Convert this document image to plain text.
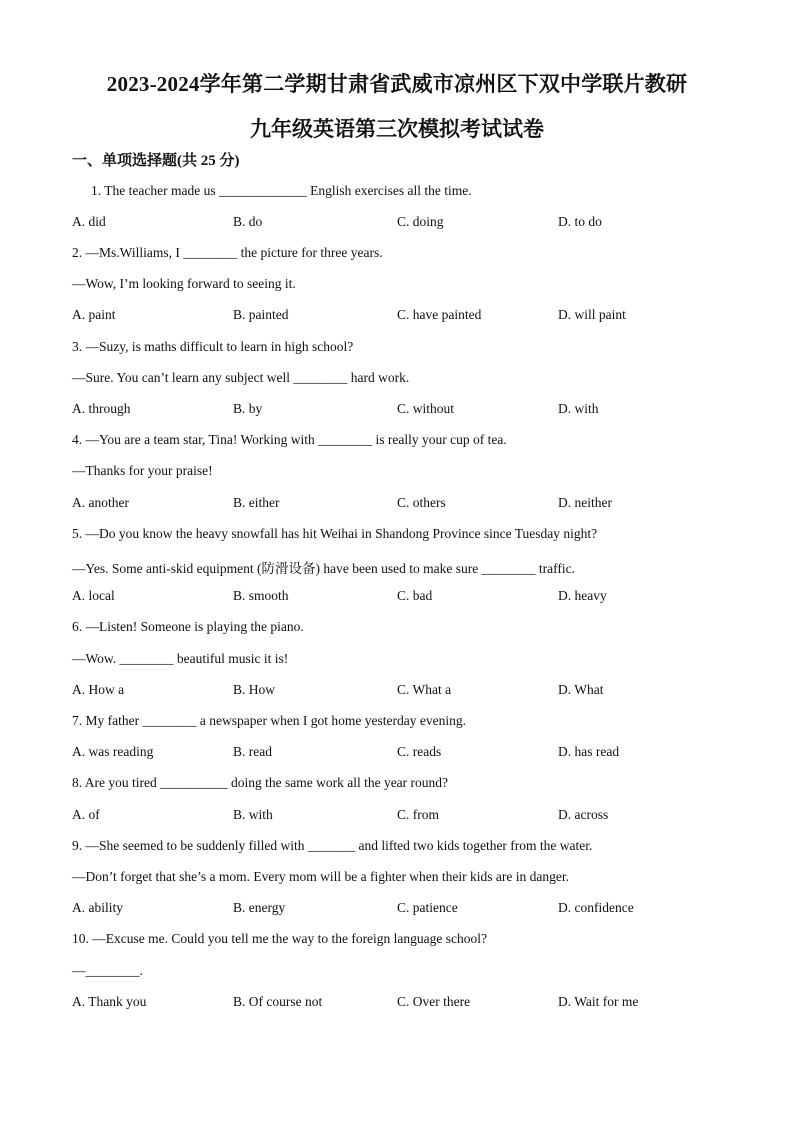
2023-2024学年第二学期甘肃省武威市凉州区下双中学联片教研
九年级英语第三次模拟考试试卷
一、单项选择题(共 25 分)
1. The teacher made us _____________ English exercises all the time.
A. did	B. do	C. doing	D. to do
2. —Ms.Williams, I ________ the picture for three years.
—Wow, I’m looking forward to seeing it.
A. paint	B. painted	C. have painted	D. will paint
3. —Suzy, is maths difficult to learn in high school?
—Sure. You can’t learn any subject well ________ hard work.
A. through	B. by	C. without	D. with
4. —You are a team star, Tina! Working with ________ is really your cup of tea.
—Thanks for your praise!
A. another	B. either	C. others	D. neither
5. —Do you know the heavy snowfall has hit Weihai in Shandong Province since Tuesday night?
—Yes. Some anti-skid equipment (防滑设备) have been used to make sure ________ traffic.
A. local	B. smooth	C. bad	D. heavy
6. —Listen! Someone is playing the piano.
—Wow. ________ beautiful music it is!
A. How a	B. How	C. What a	D. What
7. My father ________ a newspaper when I got home yesterday evening.
A. was reading	B. read	C. reads	D. has read
8. Are you tired __________ doing the same work all the year round?
A. of	B. with	C. from	D. across
9. —She seemed to be suddenly filled with _______ and lifted two kids together from the water.
—Don’t forget that she’s a mom. Every mom will be a fighter when their kids are in danger.
A. ability	B. energy	C. patience	D. confidence
10. —Excuse me. Could you tell me the way to the foreign language school?
—________.
A. Thank you	B. Of course not	C. Over there	D. Wait for me
